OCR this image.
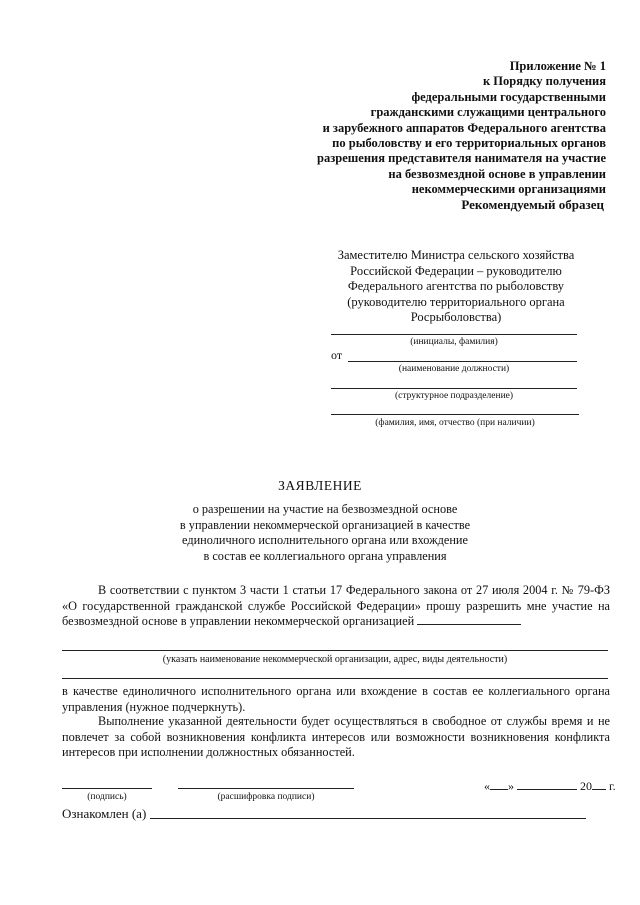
Приложение № 1
к Порядку получения
федеральными государственными
гражданскими служащими центрального
и зарубежного аппаратов Федерального агентства
по рыболовству и его территориальных органов
разрешения представителя нанимателя на участие
на безвозмездной основе в управлении
некоммерческими организациями
Рекомендуемый образец
Заместителю Министра сельского хозяйства
Российской Федерации – руководителю
Федерального агентства по рыболовству
(руководителю территориального органа
Росрыболовства)
(инициалы, фамилия)
от
(наименование должности)
(структурное подразделение)
(фамилия, имя, отчество (при наличии)
ЗАЯВЛЕНИЕ
о разрешении на участие на безвозмездной основе
в управлении некоммерческой организацией в качестве
единоличного исполнительного органа или вхождение
в состав ее коллегиального органа управления
В соответствии с пунктом 3 части 1 статьи 17 Федерального закона от 27 июля 2004 г. № 79-ФЗ «О государственной гражданской службе Российской Федерации» прошу разрешить мне участие на безвозмездной основе в управлении некоммерческой организацией
(указать наименование некоммерческой организации, адрес, виды деятельности)
в качестве единоличного исполнительного органа или вхождение в состав ее коллегиального органа управления (нужное подчеркнуть).
Выполнение указанной деятельности будет осуществляться в свободное от службы время и не повлечет за собой возникновения конфликта интересов или возможности возникновения конфликта интересов при исполнении должностных обязанностей.
(подпись)	(расшифровка подписи)
« »	20 г.
Ознакомлен (а)
